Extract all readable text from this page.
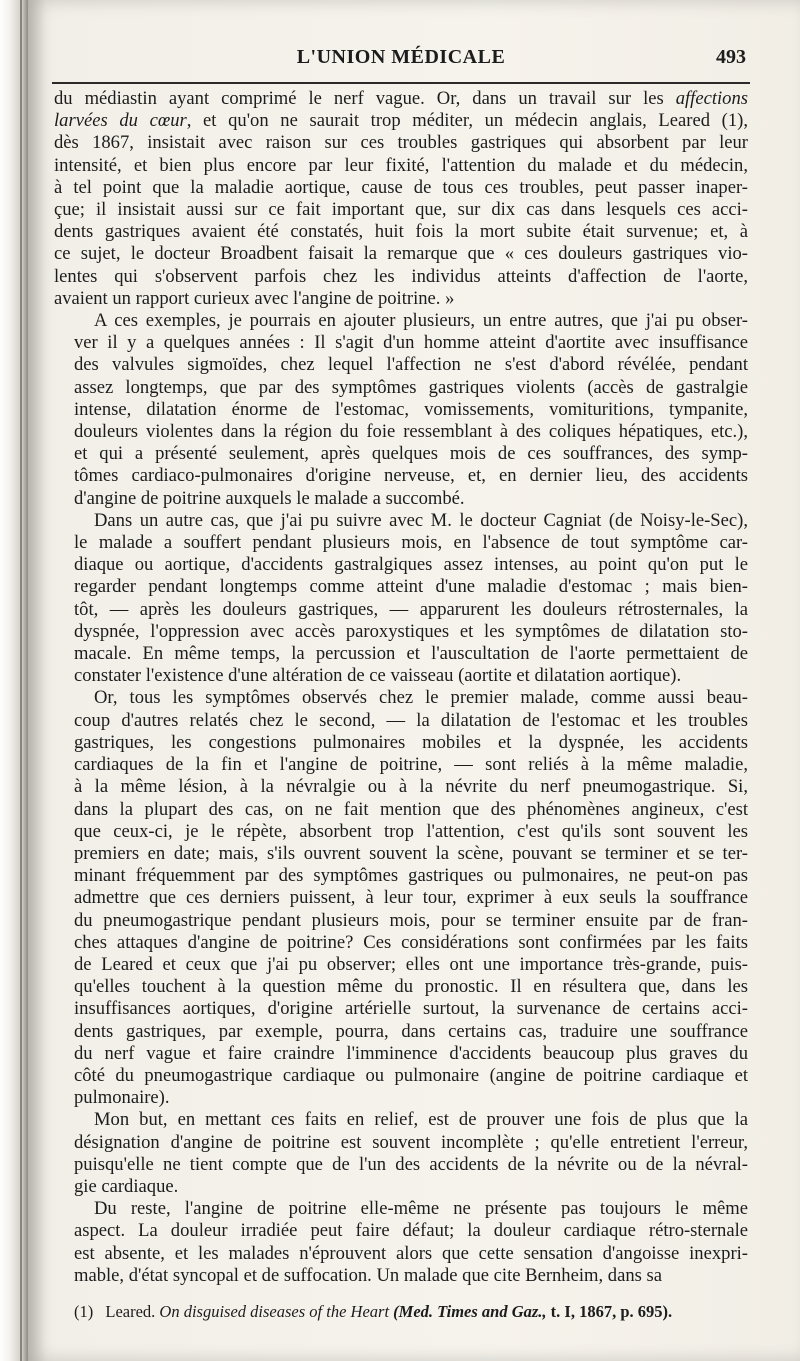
L'UNION MÉDICALE	493
du médiastin ayant comprimé le nerf vague. Or, dans un travail sur les affections
larvées du cœur, et qu'on ne saurait trop méditer, un médecin anglais, Leared (1),
dès 1867, insistait avec raison sur ces troubles gastriques qui absorbent par leur
intensité, et bien plus encore par leur fixité, l'attention du malade et du médecin,
à tel point que la maladie aortique, cause de tous ces troubles, peut passer inaper-
çue; il insistait aussi sur ce fait important que, sur dix cas dans lesquels ces acci-
dents gastriques avaient été constatés, huit fois la mort subite était survenue; et, à
ce sujet, le docteur Broadbent faisait la remarque que « ces douleurs gastriques vio-
lentes qui s'observent parfois chez les individus atteints d'affection de l'aorte,
avaient un rapport curieux avec l'angine de poitrine. »
A ces exemples, je pourrais en ajouter plusieurs, un entre autres, que j'ai pu obser-
ver il y a quelques années : Il s'agit d'un homme atteint d'aortite avec insuffisance
des valvules sigmoïdes, chez lequel l'affection ne s'est d'abord révélée, pendant
assez longtemps, que par des symptômes gastriques violents (accès de gastralgie
intense, dilatation énorme de l'estomac, vomissements, vomituritions, tympanite,
douleurs violentes dans la région du foie ressemblant à des coliques hépatiques, etc.),
et qui a présenté seulement, après quelques mois de ces souffrances, des symp-
tômes cardiaco-pulmonaires d'origine nerveuse, et, en dernier lieu, des accidents
d'angine de poitrine auxquels le malade a succombé.
Dans un autre cas, que j'ai pu suivre avec M. le docteur Cagniat (de Noisy-le-Sec),
le malade a souffert pendant plusieurs mois, en l'absence de tout symptôme car-
diaque ou aortique, d'accidents gastralgiques assez intenses, au point qu'on put le
regarder pendant longtemps comme atteint d'une maladie d'estomac ; mais bien-
tôt, — après les douleurs gastriques, — apparurent les douleurs rétrosternales, la
dyspnée, l'oppression avec accès paroxystiques et les symptômes de dilatation sto-
macale. En même temps, la percussion et l'auscultation de l'aorte permettaient de
constater l'existence d'une altération de ce vaisseau (aortite et dilatation aortique).
Or, tous les symptômes observés chez le premier malade, comme aussi beau-
coup d'autres relatés chez le second, — la dilatation de l'estomac et les troubles
gastriques, les congestions pulmonaires mobiles et la dyspnée, les accidents
cardiaques de la fin et l'angine de poitrine, — sont reliés à la même maladie,
à la même lésion, à la névralgie ou à la névrite du nerf pneumogastrique. Si,
dans la plupart des cas, on ne fait mention que des phénomènes angineux, c'est
que ceux-ci, je le répète, absorbent trop l'attention, c'est qu'ils sont souvent les
premiers en date; mais, s'ils ouvrent souvent la scène, pouvant se terminer et se ter-
minant fréquemment par des symptômes gastriques ou pulmonaires, ne peut-on pas
admettre que ces derniers puissent, à leur tour, exprimer à eux seuls la souffrance
du pneumogastrique pendant plusieurs mois, pour se terminer ensuite par de fran-
ches attaques d'angine de poitrine? Ces considérations sont confirmées par les faits
de Leared et ceux que j'ai pu observer; elles ont une importance très-grande, puis-
qu'elles touchent à la question même du pronostic. Il en résultera que, dans les
insuffisances aortiques, d'origine artérielle surtout, la survenance de certains acci-
dents gastriques, par exemple, pourra, dans certains cas, traduire une souffrance
du nerf vague et faire craindre l'imminence d'accidents beaucoup plus graves du
côté du pneumogastrique cardiaque ou pulmonaire (angine de poitrine cardiaque et
pulmonaire).
Mon but, en mettant ces faits en relief, est de prouver une fois de plus que la
désignation d'angine de poitrine est souvent incomplète ; qu'elle entretient l'erreur,
puisqu'elle ne tient compte que de l'un des accidents de la névrite ou de la névral-
gie cardiaque.
Du reste, l'angine de poitrine elle-même ne présente pas toujours le même
aspect. La douleur irradiée peut faire défaut; la douleur cardiaque rétro-sternale
est absente, et les malades n'éprouvent alors que cette sensation d'angoisse inexpri-
mable, d'état syncopal et de suffocation. Un malade que cite Bernheim, dans sa
(1) Leared. On disguised diseases of the Heart (Med. Times and Gaz., t. I, 1867, p. 695).
